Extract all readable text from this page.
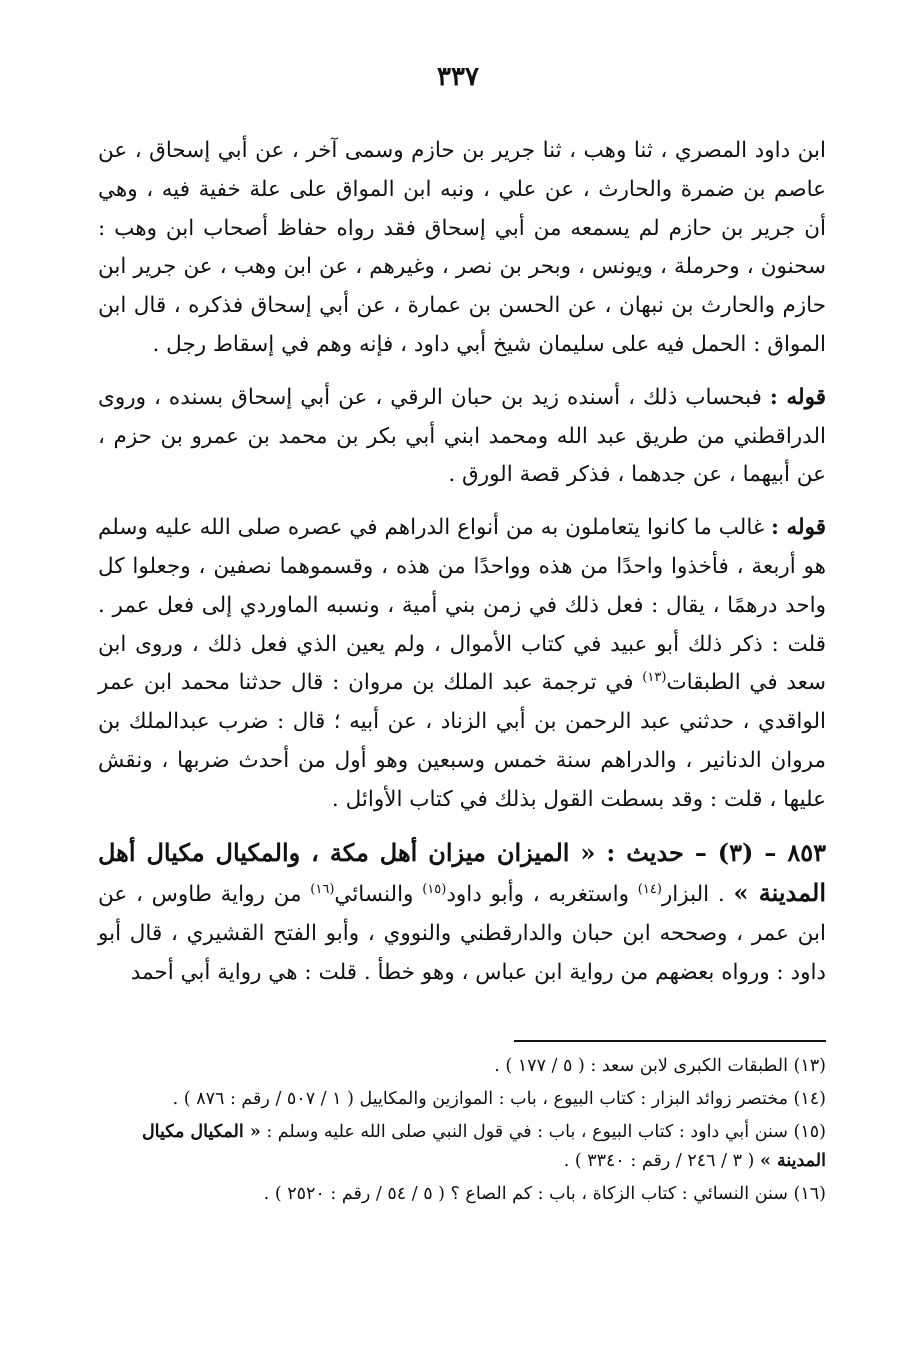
٣٣٧

ابن داود المصري ، ثنا وهب ، ثنا جرير بن حازم وسمى آخر ، عن أبي إسحاق ، عن عاصم بن ضمرة والحارث ، عن علي ، ونبه ابن المواق على علة خفية فيه ، وهي أن جرير بن حازم لم يسمعه من أبي إسحاق فقد رواه حفاظ أصحاب ابن وهب : سحنون ، وحرملة ، ويونس ، وبحر بن نصر ، وغيرهم ، عن ابن وهب ، عن جرير ابن حازم والحارث بن نبهان ، عن الحسن بن عمارة ، عن أبي إسحاق فذكره ، قال ابن المواق : الحمل فيه على سليمان شيخ أبي داود ، فإنه وهم في إسقاط رجل .

قوله : فبحساب ذلك ، أسنده زيد بن حبان الرقي ، عن أبي إسحاق بسنده ، وروى الدراقطني من طريق عبد الله ومحمد ابني أبي بكر بن محمد بن عمرو بن حزم ، عن أبيهما ، عن جدهما ، فذكر قصة الورق .

قوله : غالب ما كانوا يتعاملون به من أنواع الدراهم في عصره صلى الله عليه وسلم هو أربعة ، فأخذوا واحدًا من هذه وواحدًا من هذه ، وقسموهما نصفين ، وجعلوا كل واحد درهمًا ، يقال : فعل ذلك في زمن بني أمية ، ونسبه الماوردي إلى فعل عمر . قلت : ذكر ذلك أبو عبيد في كتاب الأموال ، ولم يعين الذي فعل ذلك ، وروى ابن سعد في الطبقات$^{(١٣)}$ في ترجمة عبد الملك بن مروان : قال حدثنا محمد ابن عمر الواقدي ، حدثني عبد الرحمن بن أبي الزناد ، عن أبيه ؛ قال : ضرب عبدالملك بن مروان الدنانير ، والدراهم سنة خمس وسبعين وهو أول من أحدث ضربها ، ونقش عليها ، قلت : وقد بسطت القول بذلك في كتاب الأوائل .

٨٥٣ – (٣) – حديث : « الميزان ميزان أهل مكة ، والمكيال مكيال أهل المدينة » . البزار$^{(١٤)}$ واستغربه ، وأبو داود$^{(١٥)}$ والنسائي$^{(١٦)}$ من رواية طاوس ، عن ابن عمر ، وصححه ابن حبان والدارقطني والنووي ، وأبو الفتح القشيري ، قال أبو داود : ورواه بعضهم من رواية ابن عباس ، وهو خطأ . قلت : هي رواية أبي أحمد

(١٣) الطبقات الكبرى لابن سعد : ( ٥ / ١٧٧ ) .

(١٤) مختصر زوائد البزار : كتاب البيوع ، باب : الموازين والمكاييل ( ١ / ٥٠٧ / رقم : ٨٧٦ ) .

(١٥) سنن أبي داود : كتاب البيوع ، باب : في قول النبي صلى الله عليه وسلم : « المكيال مكيال المدينة » ( ٣ / ٢٤٦ / رقم : ٣٣٤٠ ) .

(١٦) سنن النسائي : كتاب الزكاة ، باب : كم الصاع ؟ ( ٥ / ٥٤ / رقم : ٢٥٢٠ ) .
